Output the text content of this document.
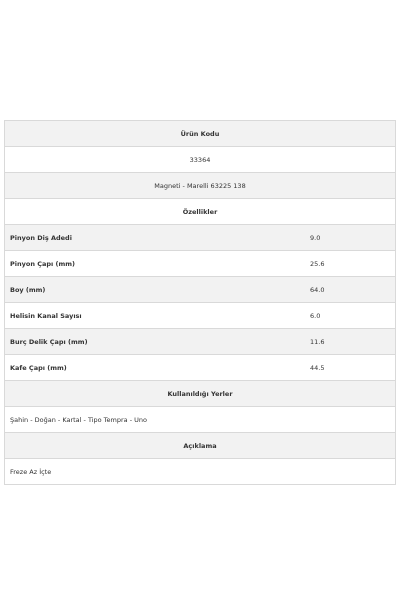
Ürün Kodu
33364
Magneti - Marelli 63225 138
Özellikler
Pinyon Diş Adedi	9.0
Pinyon Çapı (mm)	25.6
Boy (mm)	64.0
Helisin Kanal Sayısı	6.0
Burç Delik Çapı (mm)	11.6
Kafe Çapı (mm)	44.5
Kullanıldığı Yerler
Şahin - Doğan - Kartal - Tipo Tempra - Uno
Açıklama
Freze Az İçte
